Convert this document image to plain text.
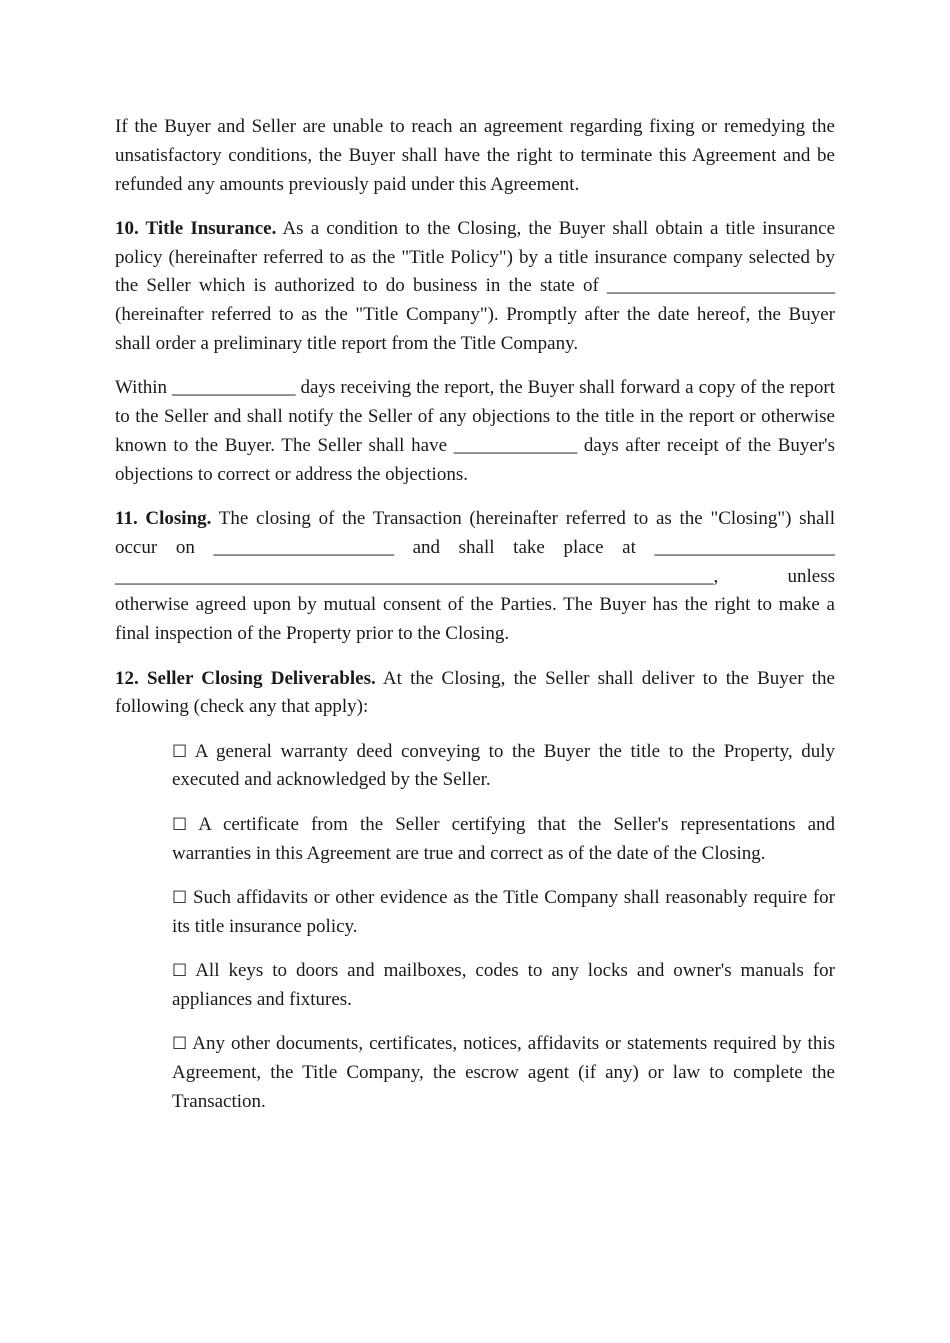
If the Buyer and Seller are unable to reach an agreement regarding fixing or remedying the unsatisfactory conditions, the Buyer shall have the right to terminate this Agreement and be refunded any amounts previously paid under this Agreement.

10. Title Insurance. As a condition to the Closing, the Buyer shall obtain a title insurance policy (hereinafter referred to as the "Title Policy") by a title insurance company selected by the Seller which is authorized to do business in the state of ________________________ (hereinafter referred to as the "Title Company"). Promptly after the date hereof, the Buyer shall order a preliminary title report from the Title Company.

Within _____________ days receiving the report, the Buyer shall forward a copy of the report to the Seller and shall notify the Seller of any objections to the title in the report or otherwise known to the Buyer. The Seller shall have _____________ days after receipt of the Buyer's objections to correct or address the objections.

11. Closing. The closing of the Transaction (hereinafter referred to as the "Closing") shall occur on ___________________ and shall take place at ___________________ _______________________________________________________________, unless otherwise agreed upon by mutual consent of the Parties. The Buyer has the right to make a final inspection of the Property prior to the Closing.

12. Seller Closing Deliverables. At the Closing, the Seller shall deliver to the Buyer the following (check any that apply):

☐ A general warranty deed conveying to the Buyer the title to the Property, duly executed and acknowledged by the Seller.

☐ A certificate from the Seller certifying that the Seller's representations and warranties in this Agreement are true and correct as of the date of the Closing.

☐ Such affidavits or other evidence as the Title Company shall reasonably require for its title insurance policy.

☐ All keys to doors and mailboxes, codes to any locks and owner's manuals for appliances and fixtures.

☐ Any other documents, certificates, notices, affidavits or statements required by this Agreement, the Title Company, the escrow agent (if any) or law to complete the Transaction.
